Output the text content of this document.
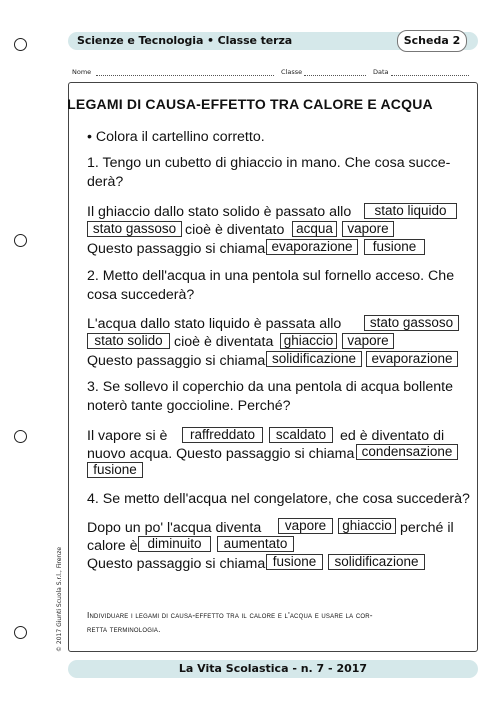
Scienze e Tecnologia • Classe terza	Scheda 2
Nome	Classe	Data
LEGAMI DI CAUSA-EFFETTO TRA CALORE E ACQUA
• Colora il cartellino corretto.
1. Tengo un cubetto di ghiaccio in mano. Che cosa succe-
derà?
Il ghiaccio dallo stato solido è passato allo	stato liquido
stato gassoso cioè è diventato acqua	vapore
Questo passaggio si chiama evaporazione	fusione
2. Metto dell'acqua in una pentola sul fornello acceso. Che
cosa succederà?
L'acqua dallo stato liquido è passata allo	stato gassoso
stato solido cioè è diventata ghiaccio	vapore
Questo passaggio si chiama solidificazione	evaporazione
3. Se sollevo il coperchio da una pentola di acqua bollente
noterò tante goccioline. Perché?
Il vapore si è	raffreddato	scaldato ed è diventato di
nuovo acqua. Questo passaggio si chiama condensazione
fusione
4. Se metto dell'acqua nel congelatore, che cosa succederà?
Dopo un po' l'acqua diventa	vapore	ghiaccio perché il
calore è diminuito	aumentato
Questo passaggio si chiama fusione	solidificazione
Individuare i legami di causa-effetto tra il calore e l'acqua e usare la cor-
retta terminologia.
La Vita Scolastica - n. 7 - 2017
© 2017 Giunti Scuola S.r.l., Firenze
